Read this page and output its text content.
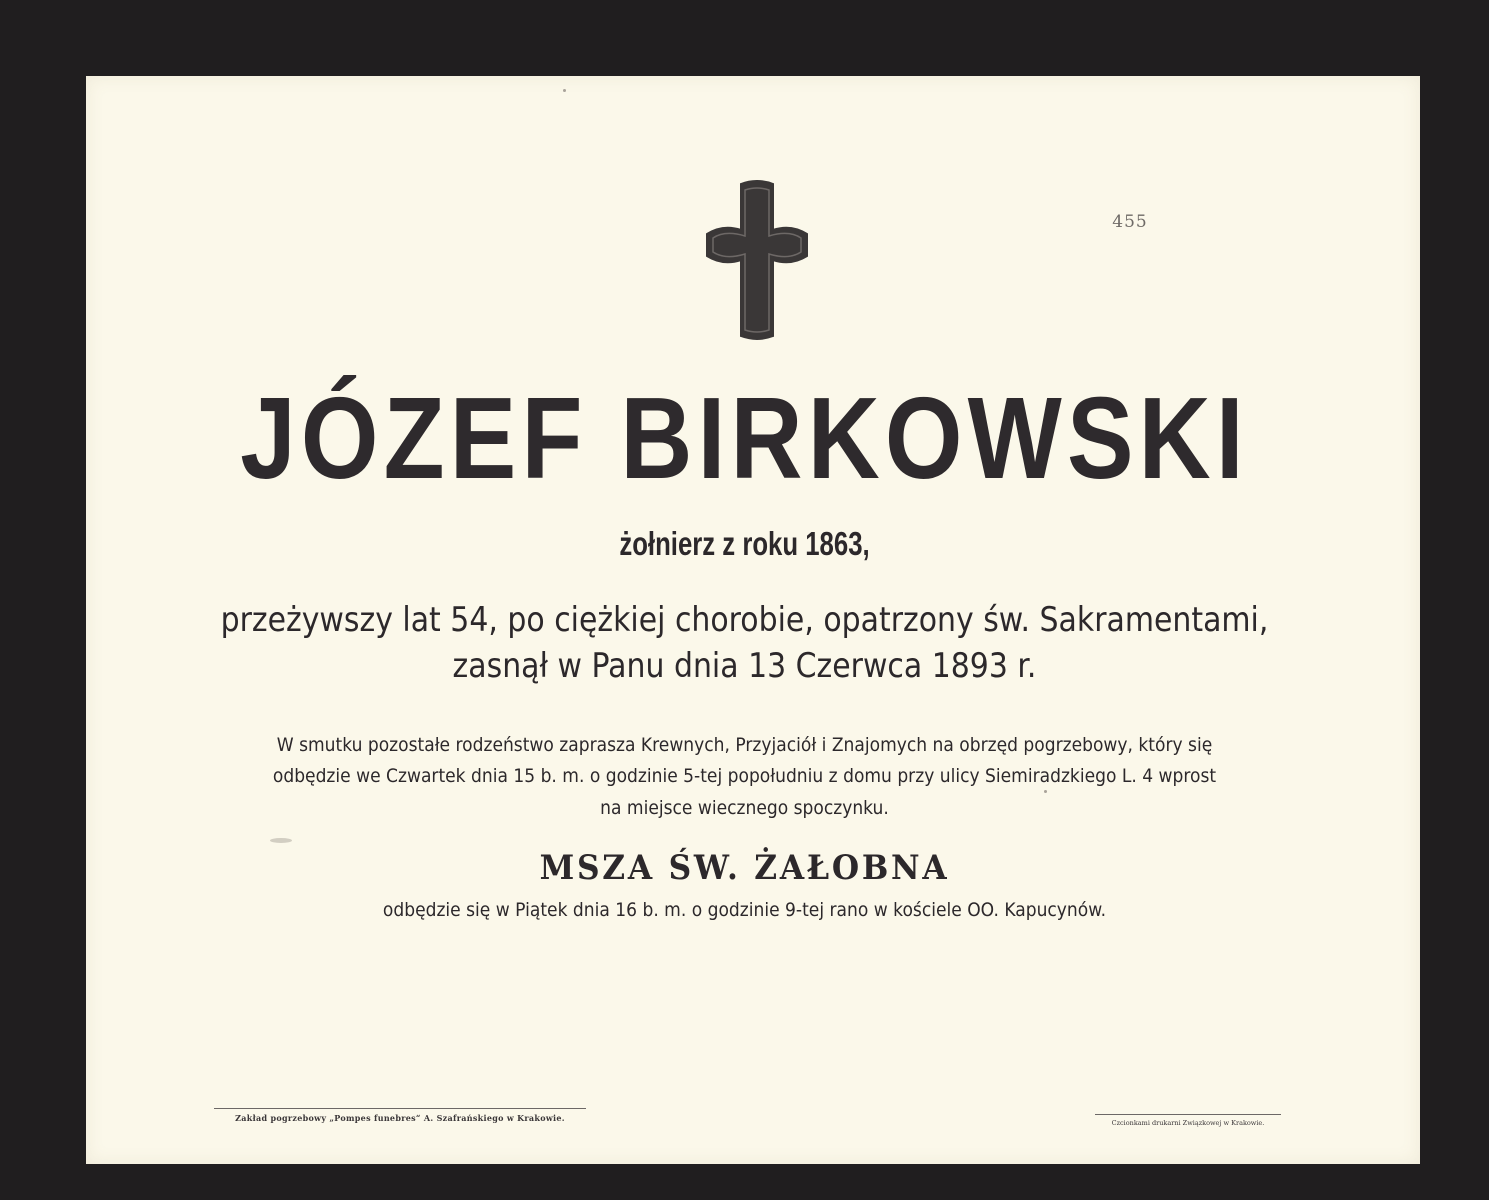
455
JÓZEF BIRKOWSKI
żołnierz z roku 1863,
przeżywszy lat 54, po ciężkiej chorobie, opatrzony św. Sakramentami,
zasnął w Panu dnia 13 Czerwca 1893 r.
W smutku pozostałe rodzeństwo zaprasza Krewnych, Przyjaciół i Znajomych na obrzęd pogrzebowy, który się
odbędzie we Czwartek dnia 15 b. m. o godzinie 5-tej popołudniu z domu przy ulicy Siemiradzkiego L. 4 wprost
na miejsce wiecznego spoczynku.
MSZA ŚW. ŻAŁOBNA
odbędzie się w Piątek dnia 16 b. m. o godzinie 9-tej rano w kościele OO. Kapucynów.
Zakład pogrzebowy „Pompes funebres“ A. Szafrańskiego w Krakowie.	Czcionkami drukarni Związkowej w Krakowie.
